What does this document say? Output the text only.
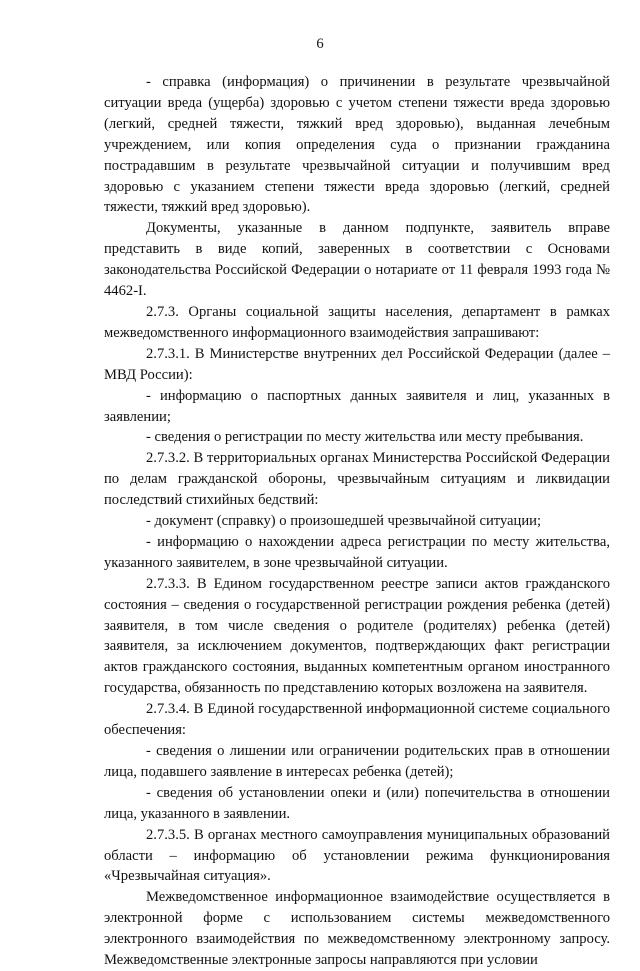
6

- справка (информация) о причинении в результате чрезвычайной ситуации вреда (ущерба) здоровью с учетом степени тяжести вреда здоровью (легкий, средней тяжести, тяжкий вред здоровью), выданная лечебным учреждением, или копия определения суда о признании гражданина пострадавшим в результате чрезвычайной ситуации и получившим вред здоровью с указанием степени тяжести вреда здоровью (легкий, средней тяжести, тяжкий вред здоровью).

Документы, указанные в данном подпункте, заявитель вправе представить в виде копий, заверенных в соответствии с Основами законодательства Российской Федерации о нотариате от 11 февраля 1993 года № 4462-I.

2.7.3. Органы социальной защиты населения, департамент в рамках межведомственного информационного взаимодействия запрашивают:

2.7.3.1. В Министерстве внутренних дел Российской Федерации (далее – МВД России):

- информацию о паспортных данных заявителя и лиц, указанных в заявлении;

- сведения о регистрации по месту жительства или месту пребывания.

2.7.3.2. В территориальных органах Министерства Российской Федерации по делам гражданской обороны, чрезвычайным ситуациям и ликвидации последствий стихийных бедствий:

- документ (справку) о произошедшей чрезвычайной ситуации;

- информацию о нахождении адреса регистрации по месту жительства, указанного заявителем, в зоне чрезвычайной ситуации.

2.7.3.3. В Едином государственном реестре записи актов гражданского состояния – сведения о государственной регистрации рождения ребенка (детей) заявителя, в том числе сведения о родителе (родителях) ребенка (детей) заявителя, за исключением документов, подтверждающих факт регистрации актов гражданского состояния, выданных компетентным органом иностранного государства, обязанность по представлению которых возложена на заявителя.

2.7.3.4. В Единой государственной информационной системе социального обеспечения:

- сведения о лишении или ограничении родительских прав в отношении лица, подавшего заявление в интересах ребенка (детей);

- сведения об установлении опеки и (или) попечительства в отношении лица, указанного в заявлении.

2.7.3.5. В органах местного самоуправления муниципальных образований области – информацию об установлении режима функционирования «Чрезвычайная ситуация».

Межведомственное информационное взаимодействие осуществляется в электронной форме с использованием системы межведомственного электронного взаимодействия по межведомственному электронному запросу. Межведомственные электронные запросы направляются при условии
